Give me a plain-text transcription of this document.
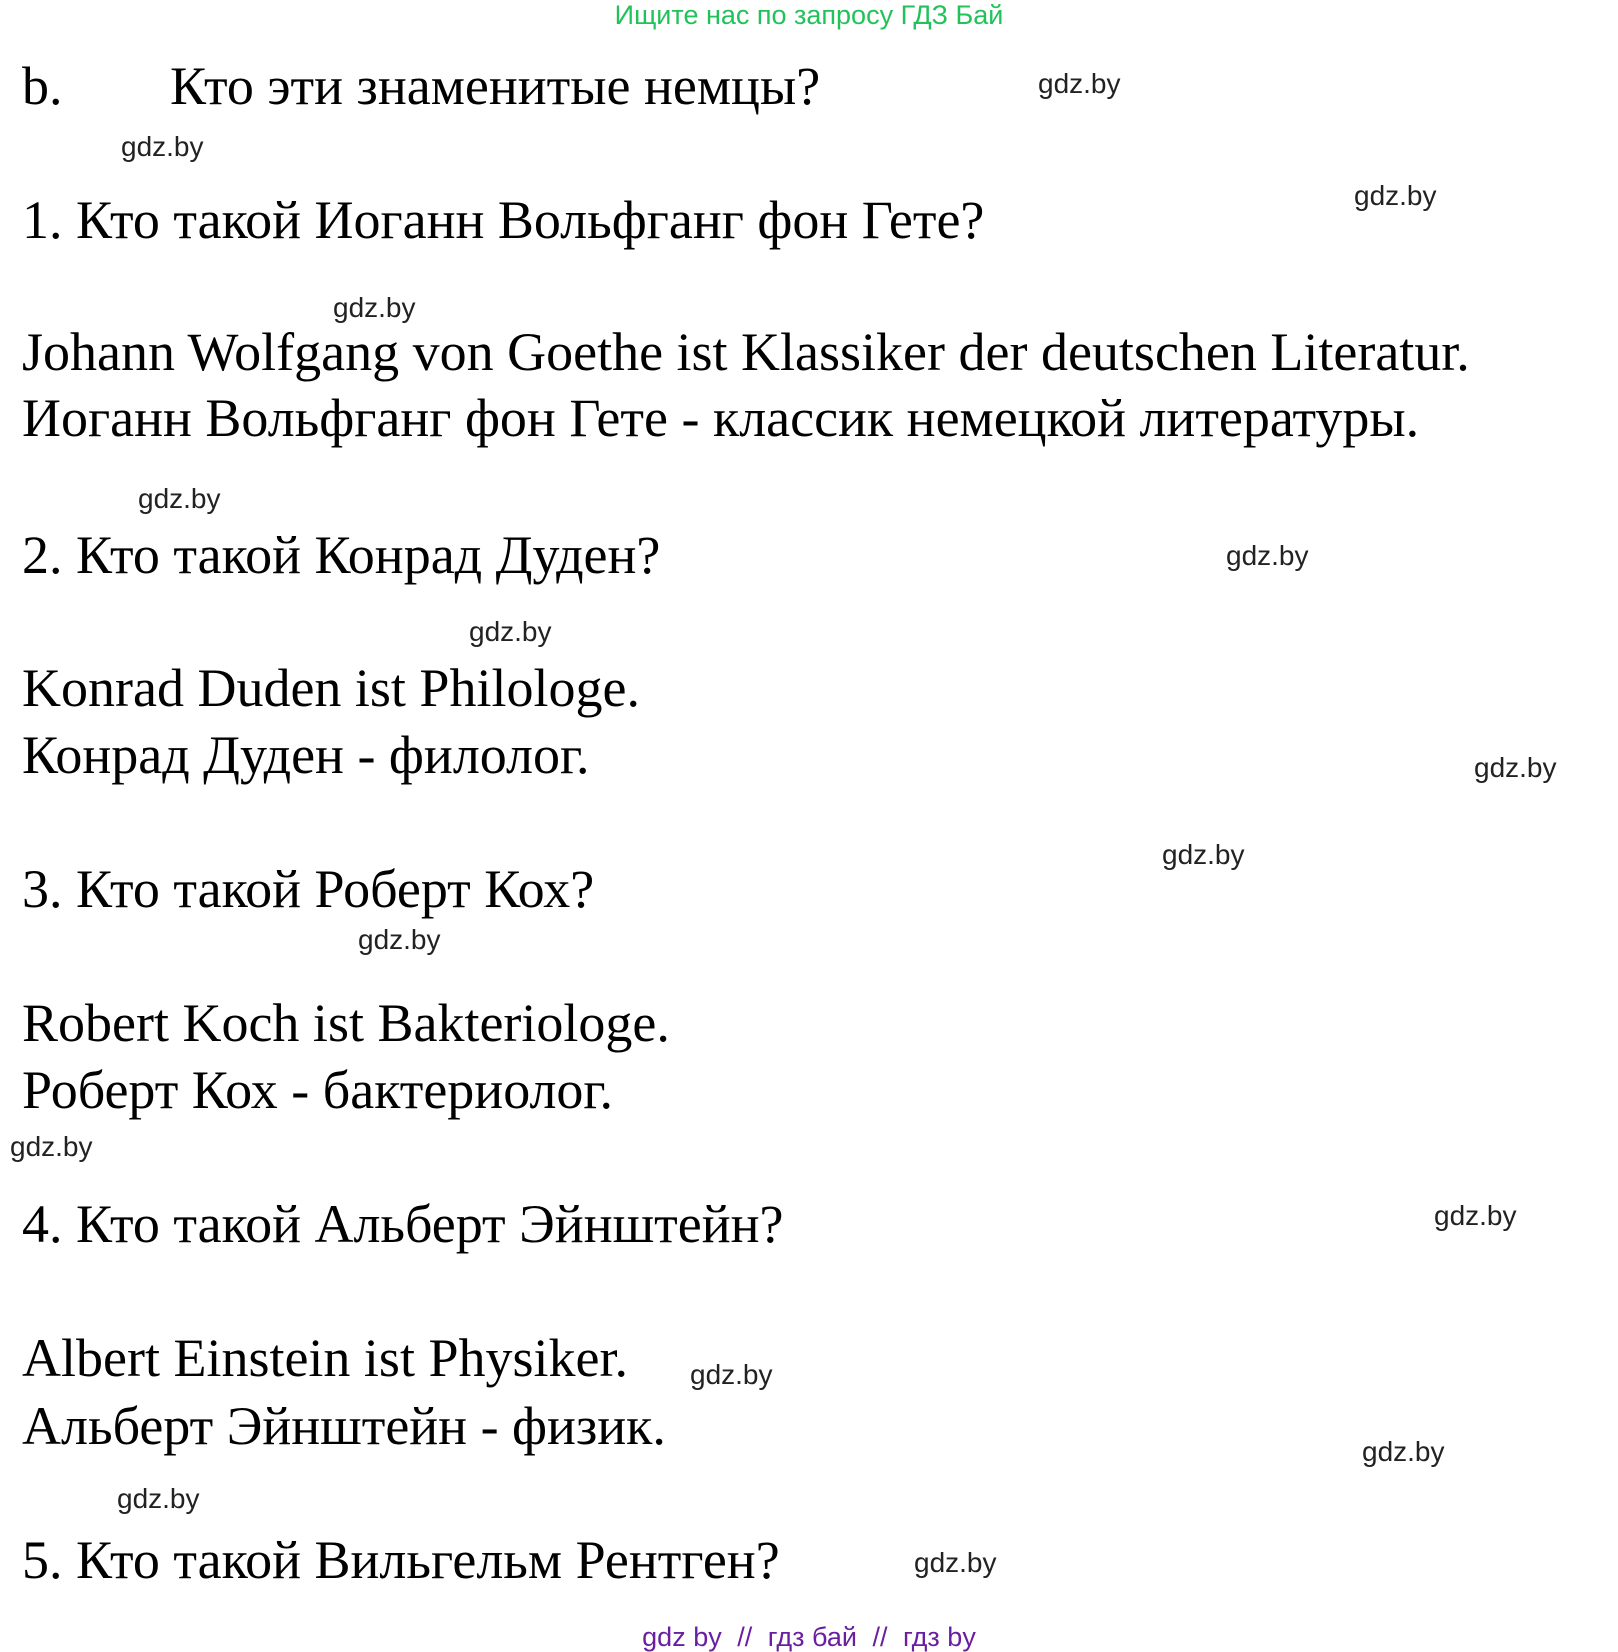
Ищите нас по запросу ГДЗ Бай
b. Кто эти знаменитые немцы?
1. Кто такой Иоганн Вольфганг фон Гете?
Johann Wolfgang von Goethe ist Klassiker der deutschen Literatur.
Иоганн Вольфганг фон Гете - классик немецкой литературы.
2. Кто такой Конрад Дуден?
Konrad Duden ist Philologe.
Конрад Дуден - филолог.
3. Кто такой Роберт Кох?
Robert Koch ist Bakteriologe.
Роберт Кох - бактериолог.
4. Кто такой Альберт Эйнштейн?
Albert Einstein ist Physiker.
Альберт Эйнштейн - физик.
5. Кто такой Вильгельм Рентген?
gdz.by
gdz.by
gdz.by
gdz.by
gdz.by
gdz.by
gdz.by
gdz.by
gdz.by
gdz.by
gdz.by
gdz.by
gdz.by
gdz.by
gdz.by
gdz.by
gdz by // гдз бай // гдз by
